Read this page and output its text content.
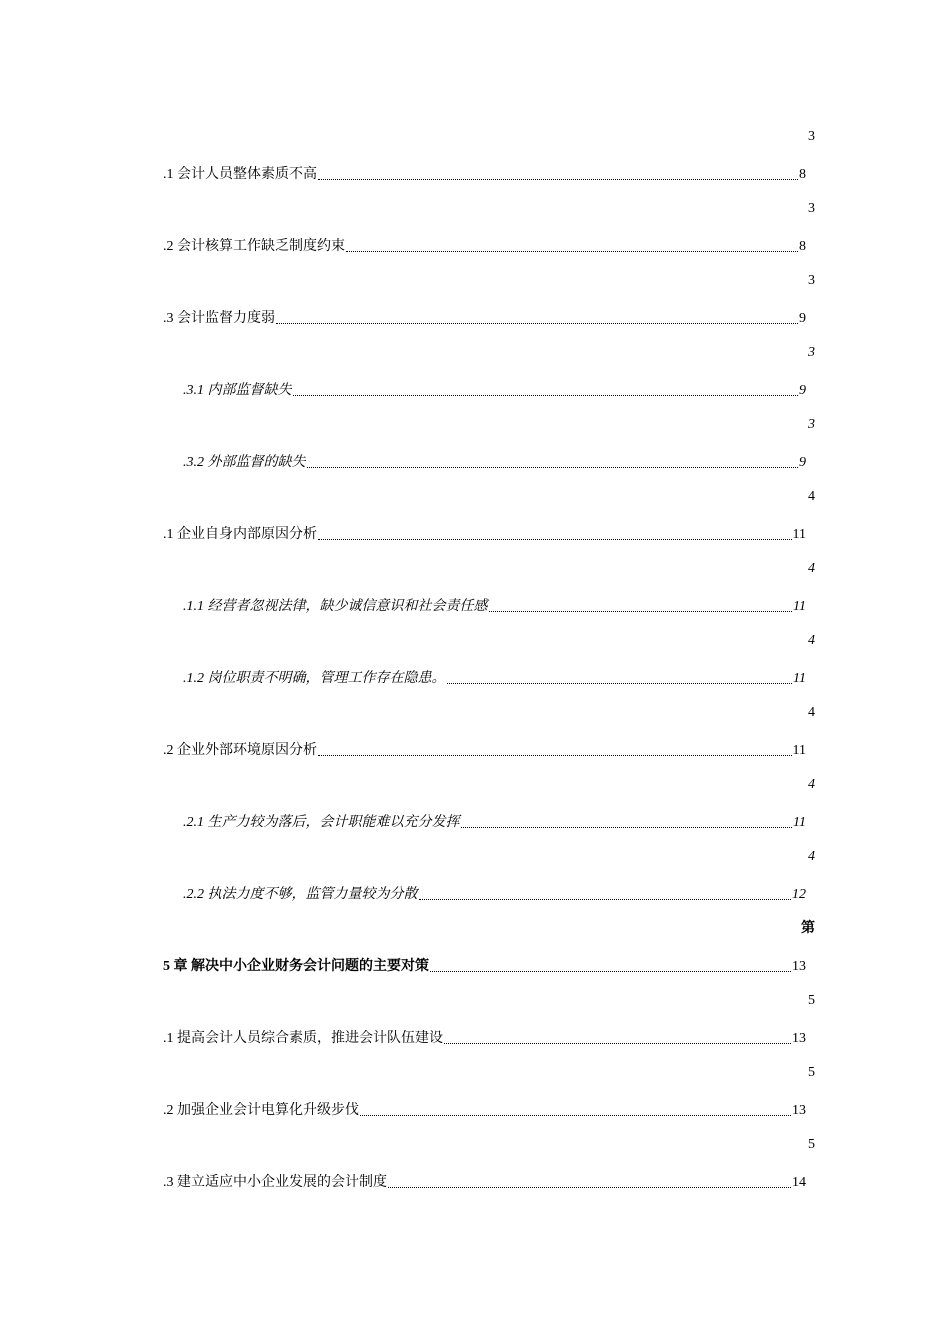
3
.1 会计人员整体素质不高	8
3
.2 会计核算工作缺乏制度约束	8
3
.3 会计监督力度弱	9
3
.3.1 内部监督缺失	9
3
.3.2 外部监督的缺失	9
4
.1 企业自身内部原因分析	11
4
.1.1 经营者忽视法律，缺少诚信意识和社会责任感	11
4
.1.2 岗位职责不明确，管理工作存在隐患。	11
4
.2 企业外部环境原因分析	11
4
.2.1 生产力较为落后，会计职能难以充分发挥	11
4
.2.2 执法力度不够，监管力量较为分散	12
第
5 章 解决中小企业财务会计问题的主要对策	13
5
.1 提高会计人员综合素质，推进会计队伍建设	13
5
.2 加强企业会计电算化升级步伐	13
5
.3 建立适应中小企业发展的会计制度	14
